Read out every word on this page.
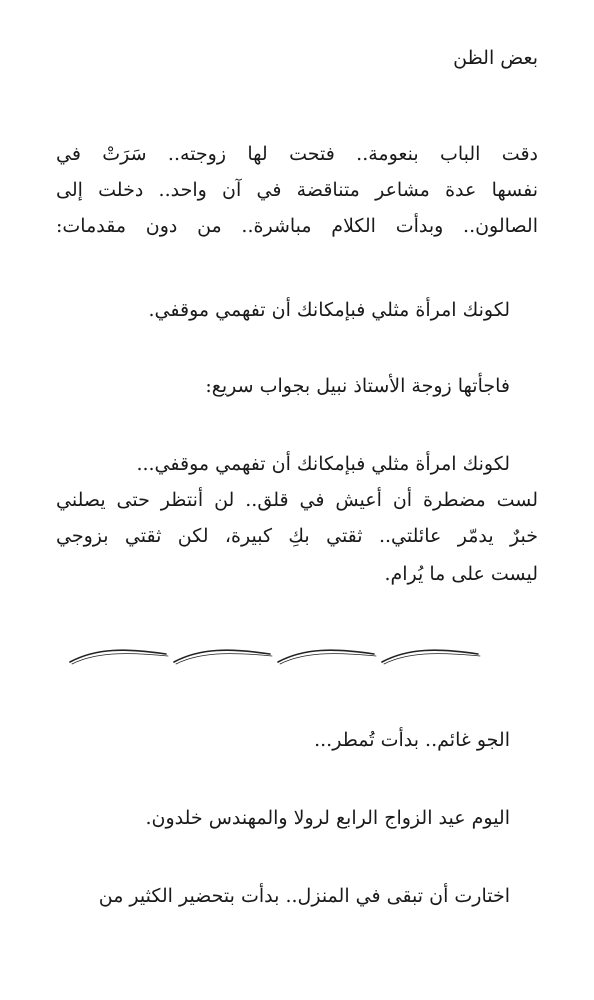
بعض الظن
دقت الباب بنعومة.. فتحت لها زوجته.. سَرَتْ في
نفسها عدة مشاعر متناقضة في آن واحد.. دخلت إلى
الصالون.. وبدأت الكلام مباشرة.. من دون مقدمات:
لكونك امرأة مثلي فبإمكانك أن تفهمي موقفي.
فاجأتها زوجة الأستاذ نبيل بجواب سريع:
لكونك امرأة مثلي فبإمكانك أن تفهمي موقفي...
لست مضطرة أن أعيش في قلق.. لن أنتظر حتى يصلني
خبرٌ يدمّر عائلتي.. ثقتي بكِ كبيرة، لكن ثقتي بزوجي
ليست على ما يُرام.
الجو غائم.. بدأت تُمطر...
اليوم عيد الزواج الرابع لرولا والمهندس خلدون.
اختارت أن تبقى في المنزل.. بدأت بتحضير الكثير من
